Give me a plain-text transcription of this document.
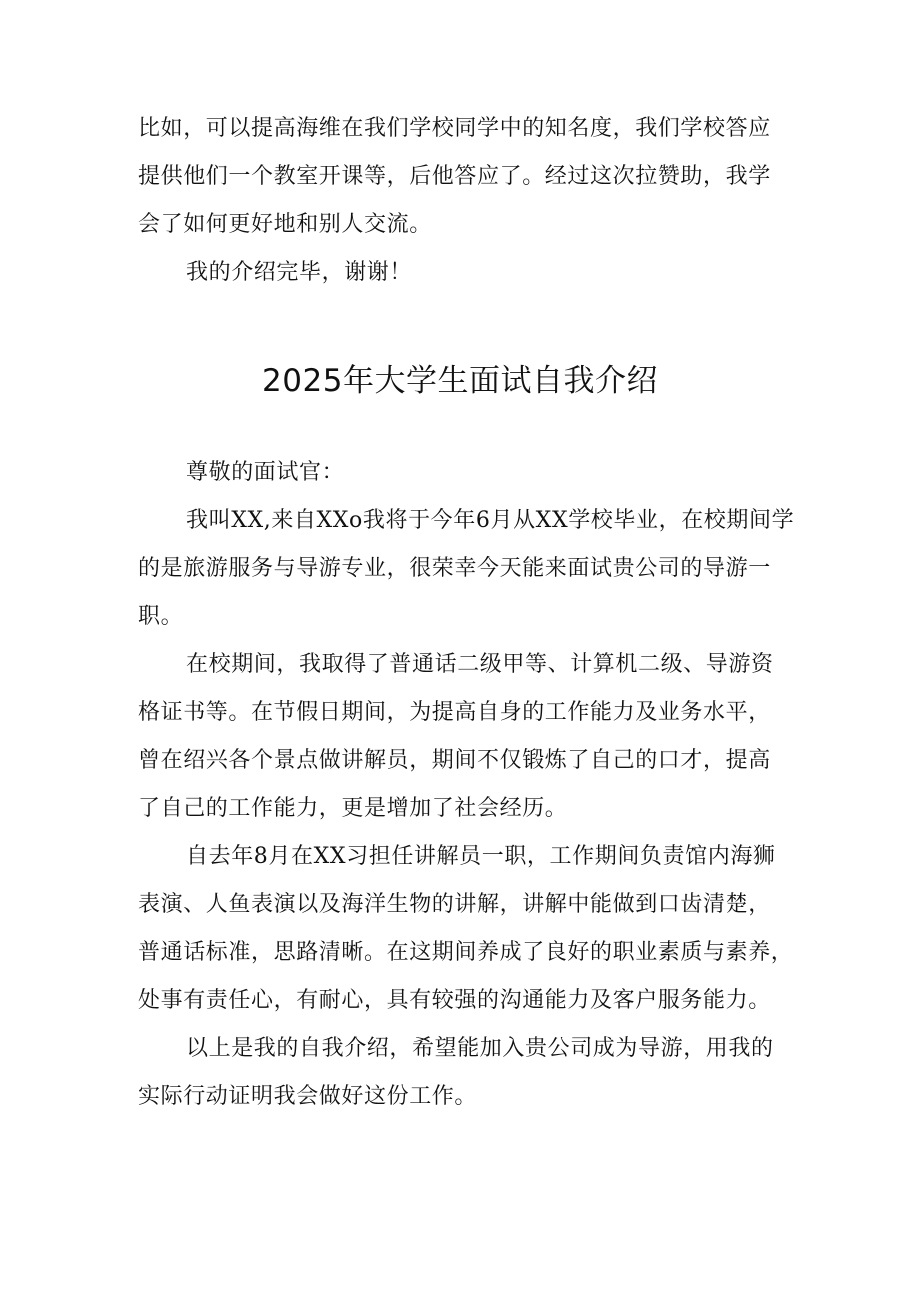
比如，可以提高海维在我们学校同学中的知名度，我们学校答应

提供他们一个教室开课等，后他答应了。经过这次拉赞助，我学

会了如何更好地和别人交流。

我的介绍完毕，谢谢！

2025年大学生面试自我介绍

尊敬的面试官：

我叫XX,来自XXo我将于今年6月从XX学校毕业，在校期间学

的是旅游服务与导游专业，很荣幸今天能来面试贵公司的导游一

职。

在校期间，我取得了普通话二级甲等、计算机二级、导游资

格证书等。在节假日期间，为提高自身的工作能力及业务水平，

曾在绍兴各个景点做讲解员，期间不仅锻炼了自己的口才，提高

了自己的工作能力，更是增加了社会经历。

自去年8月在XX习担任讲解员一职，工作期间负责馆内海狮

表演、人鱼表演以及海洋生物的讲解，讲解中能做到口齿清楚，

普通话标准，思路清晰。在这期间养成了良好的职业素质与素养，

处事有责任心，有耐心，具有较强的沟通能力及客户服务能力。

以上是我的自我介绍，希望能加入贵公司成为导游，用我的

实际行动证明我会做好这份工作。
